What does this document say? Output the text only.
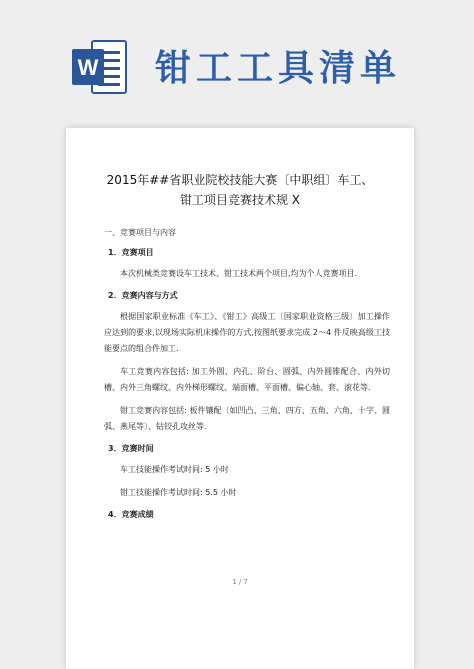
W 钳工工具清单
2015年##省职业院校技能大赛〔中职组〕车工、
钳工项目竞赛技术规 X
一、竞赛项目与内容
1．竞赛项目
本次机械类竞赛设车工技术、钳工技术两个项目,均为个人竞赛项目.
2．竞赛内容与方式
根据国家职业标准《车工》、《钳工》高级工〔国家职业资格三级〕加工操作应达到的要求,以现场实际机床操作的方式,按图纸要求完成 2～4 件反映高级工技能要点的组合件加工.
车工竞赛内容包括: 加工外圆、内孔、阶台、圆弧、内外圆锥配合、内外切槽、内外三角螺纹、内外梯形螺纹、端面槽、平面槽、偏心轴、套、滚花等.
钳工竞赛内容包括: 板件镶配〔如凹凸、三角、四方、五角、六角、十字、圆弧、燕尾等〕、钻铰孔攻丝等.
3．竞赛时间
车工技能操作考试时间: 5 小时
钳工技能操作考试时间: 5.5 小时
4．竞赛成绩
1 / 7
